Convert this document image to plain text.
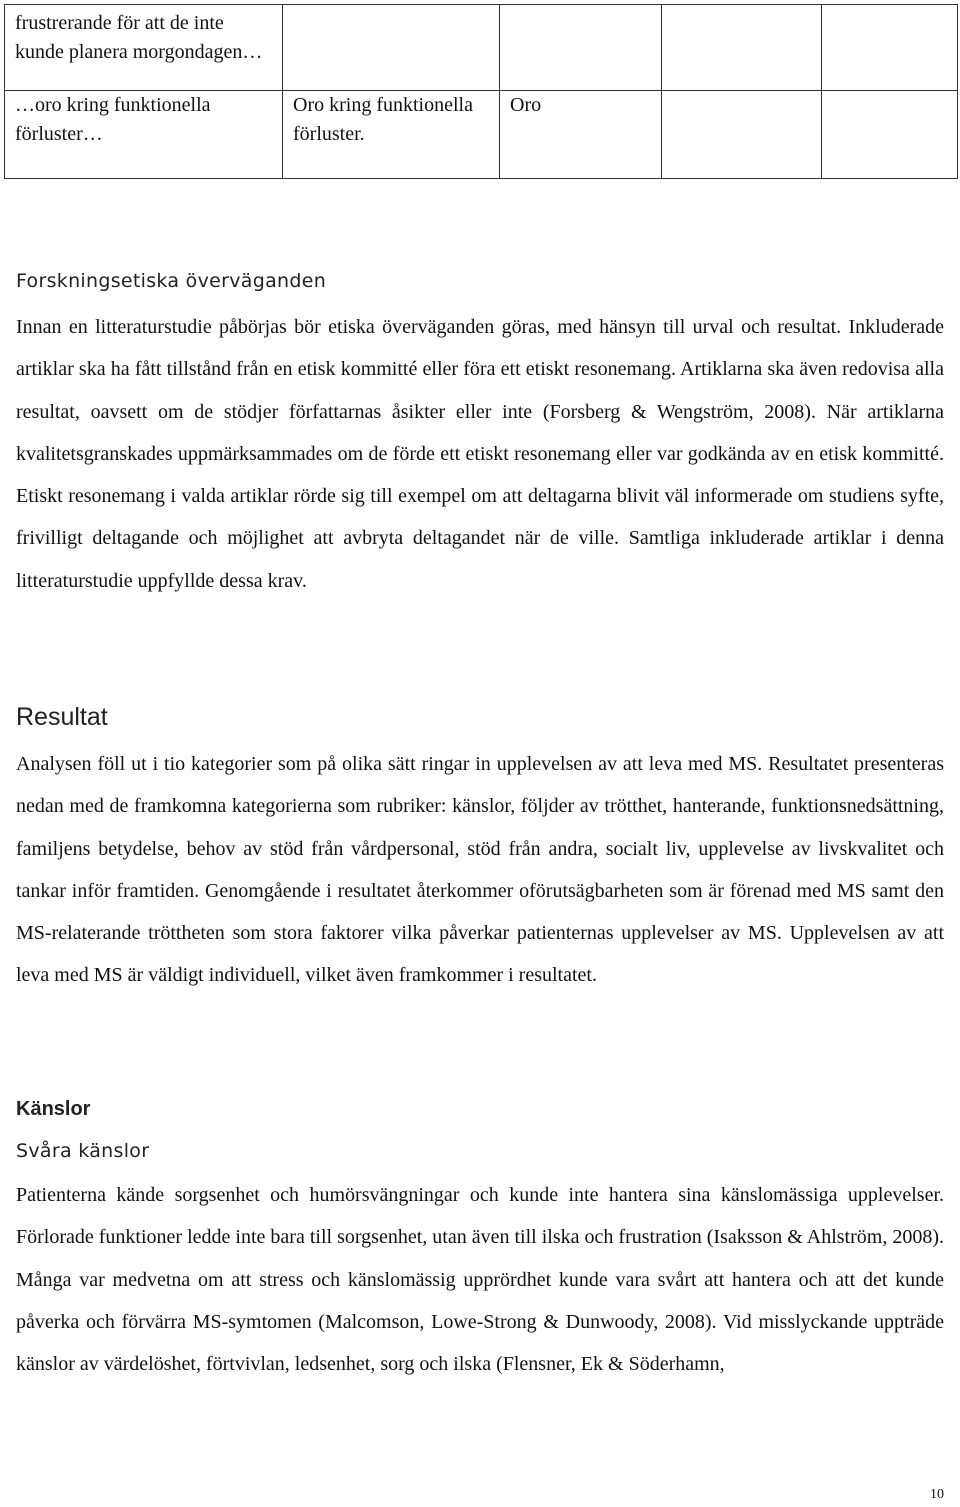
frustrerande för att de inte kunde planera morgondagen…				
…oro kring funktionella förluster…	Oro kring funktionella förluster.	Oro		
Forskningsetiska överväganden

Innan en litteraturstudie påbörjas bör etiska överväganden göras, med hänsyn till urval och resultat. Inkluderade artiklar ska ha fått tillstånd från en etisk kommitté eller föra ett etiskt resonemang. Artiklarna ska även redovisa alla resultat, oavsett om de stödjer författarnas åsikter eller inte (Forsberg & Wengström, 2008). När artiklarna kvalitetsgranskades uppmärksammades om de förde ett etiskt resonemang eller var godkända av en etisk kommitté. Etiskt resonemang i valda artiklar rörde sig till exempel om att deltagarna blivit väl informerade om studiens syfte, frivilligt deltagande och möjlighet att avbryta deltagandet när de ville. Samtliga inkluderade artiklar i denna litteraturstudie uppfyllde dessa krav.

Resultat

Analysen föll ut i tio kategorier som på olika sätt ringar in upplevelsen av att leva med MS. Resultatet presenteras nedan med de framkomna kategorierna som rubriker: känslor, följder av trötthet, hanterande, funktionsnedsättning, familjens betydelse, behov av stöd från vårdpersonal, stöd från andra, socialt liv, upplevelse av livskvalitet och tankar inför framtiden. Genomgående i resultatet återkommer oförutsägbarheten som är förenad med MS samt den MS-relaterande tröttheten som stora faktorer vilka påverkar patienternas upplevelser av MS. Upplevelsen av att leva med MS är väldigt individuell, vilket även framkommer i resultatet.

Känslor
Svåra känslor

Patienterna kände sorgsenhet och humörsvängningar och kunde inte hantera sina känslomässiga upplevelser. Förlorade funktioner ledde inte bara till sorgsenhet, utan även till ilska och frustration (Isaksson & Ahlström, 2008). Många var medvetna om att stress och känslomässig upprördhet kunde vara svårt att hantera och att det kunde påverka och förvärra MS-symtomen (Malcomson, Lowe-Strong & Dunwoody, 2008). Vid misslyckande uppträde känslor av värdelöshet, förtvivlan, ledsenhet, sorg och ilska (Flensner, Ek & Söderhamn,

10
